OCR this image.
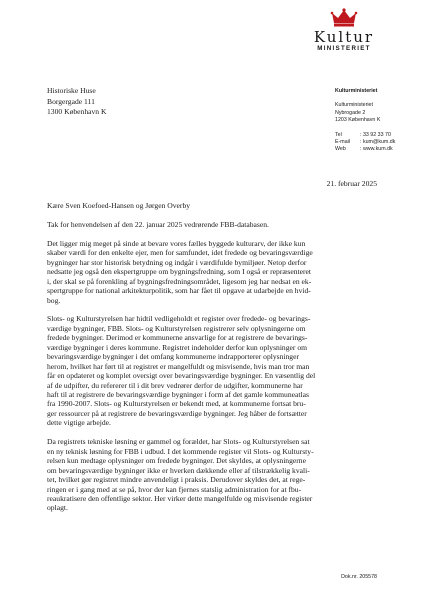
Kultur
MINISTERIET
Historiske Huse
Borgergade 111
1300 København K
Kulturministeriet
Kulturministeriet
Nybrogade 2
1203 København K
Tel	: 33 92 33 70
E-mail	: kum@kum.dk
Web	: www.kum.dk
21. februar 2025

Kære Sven Koefoed-Hansen og Jørgen Overby

Tak for henvendelsen af den 22. januar 2025 vedrørende FBB-databasen.

Det ligger mig meget på sinde at bevare vores fælles byggede kulturarv, der ikke kun
skaber værdi for den enkelte ejer, men for samfundet, idet fredede og bevaringsværdige
bygninger har stor historisk betydning og indgår i værdifulde bymiljøer. Netop derfor
nedsatte jeg også den ekspertgruppe om bygningsfredning, som I også er repræsenteret
i, der skal se på forenkling af bygningsfredningsområdet, ligesom jeg har nedsat en ek-
spertgruppe for national arkitekturpolitik, som har fået til opgave at udarbejde en hvid-
bog.

Slots- og Kulturstyrelsen har hidtil vedligeholdt et register over fredede- og bevarings-
værdige bygninger, FBB. Slots- og Kulturstyrelsen registrerer selv oplysningerne om
fredede bygninger. Derimod er kommunerne ansvarlige for at registrere de bevarings-
værdige bygninger i deres kommune. Registret indeholder derfor kun oplysninger om
bevaringsværdige bygninger i det omfang kommunerne indrapporterer oplysninger
herom, hvilket har ført til at registret er mangelfuldt og misvisende, hvis man tror man
får en opdateret og komplet oversigt over bevaringsværdige bygninger. En væsentlig del
af de udpifter, du refererer til i dit brev vedrører derfor de udgifter, kommunerne har
haft til at registrere de bevaringsværdige bygninger i form af det gamle kommuneatlas
fra 1990-2007. Slots- og Kulturstyrelsen er bekendt med, at kommunerne fortsat bru-
ger ressourcer på at registrere de bevaringsværdige bygninger. Jeg håber de fortsætter
dette vigtige arbejde.

Da registrets tekniske løsning er gammel og forældet, har Slots- og Kulturstyrelsen sat
en ny teknisk løsning for FBB i udbud. I det kommende register vil Slots- og Kultursty-
relsen kun medtage oplysninger om fredede bygninger. Det skyldes, at oplysningerne
om bevaringsværdige bygninger ikke er hverken dækkende eller af tilstrækkelig kvali-
tet, hvilket gør registret mindre anvendeligt i praksis. Derudover skyldes det, at rege-
ringen er i gang med at se på, hvor der kan fjernes statslig administration for at fbu-
reaukratisere den offentlige sektor. Her virker dette mangelfulde og misvisende register
oplagt.

Dok.nr. 205578
